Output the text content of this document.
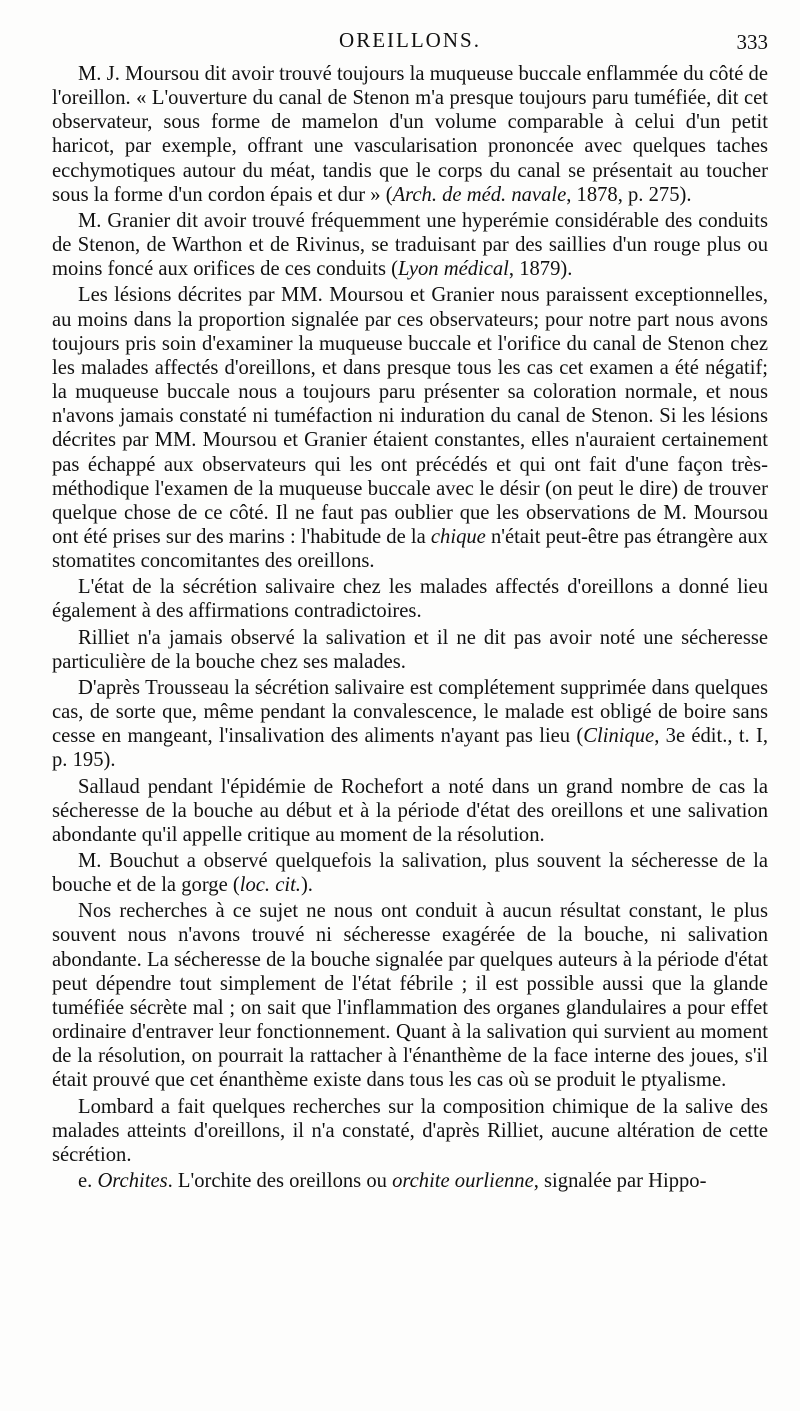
OREILLONS.	333

M. J. Moursou dit avoir trouvé toujours la muqueuse buccale enflammée du côté de l'oreillon. « L'ouverture du canal de Stenon m'a presque toujours paru tuméfiée, dit cet observateur, sous forme de mamelon d'un volume comparable à celui d'un petit haricot, par exemple, offrant une vascularisation prononcée avec quelques taches ecchymotiques autour du méat, tandis que le corps du canal se présentait au toucher sous la forme d'un cordon épais et dur » (Arch. de méd. navale, 1878, p. 275).

M. Granier dit avoir trouvé fréquemment une hyperémie considérable des conduits de Stenon, de Warthon et de Rivinus, se traduisant par des saillies d'un rouge plus ou moins foncé aux orifices de ces conduits (Lyon médical, 1879).

Les lésions décrites par MM. Moursou et Granier nous paraissent exceptionnelles, au moins dans la proportion signalée par ces observateurs; pour notre part nous avons toujours pris soin d'examiner la muqueuse buccale et l'orifice du canal de Stenon chez les malades affectés d'oreillons, et dans presque tous les cas cet examen a été négatif; la muqueuse buccale nous a toujours paru présenter sa coloration normale, et nous n'avons jamais constaté ni tuméfaction ni induration du canal de Stenon. Si les lésions décrites par MM. Moursou et Granier étaient constantes, elles n'auraient certainement pas échappé aux observateurs qui les ont précédés et qui ont fait d'une façon très-méthodique l'examen de la muqueuse buccale avec le désir (on peut le dire) de trouver quelque chose de ce côté. Il ne faut pas oublier que les observations de M. Moursou ont été prises sur des marins : l'habitude de la chique n'était peut-être pas étrangère aux stomatites concomitantes des oreillons.

L'état de la sécrétion salivaire chez les malades affectés d'oreillons a donné lieu également à des affirmations contradictoires.

Rilliet n'a jamais observé la salivation et il ne dit pas avoir noté une sécheresse particulière de la bouche chez ses malades.

D'après Trousseau la sécrétion salivaire est complétement supprimée dans quelques cas, de sorte que, même pendant la convalescence, le malade est obligé de boire sans cesse en mangeant, l'insalivation des aliments n'ayant pas lieu (Clinique, 3e édit., t. I, p. 195).

Sallaud pendant l'épidémie de Rochefort a noté dans un grand nombre de cas la sécheresse de la bouche au début et à la période d'état des oreillons et une salivation abondante qu'il appelle critique au moment de la résolution.

M. Bouchut a observé quelquefois la salivation, plus souvent la sécheresse de la bouche et de la gorge (loc. cit.).

Nos recherches à ce sujet ne nous ont conduit à aucun résultat constant, le plus souvent nous n'avons trouvé ni sécheresse exagérée de la bouche, ni salivation abondante. La sécheresse de la bouche signalée par quelques auteurs à la période d'état peut dépendre tout simplement de l'état fébrile ; il est possible aussi que la glande tuméfiée sécrète mal ; on sait que l'inflammation des organes glandulaires a pour effet ordinaire d'entraver leur fonctionnement. Quant à la salivation qui survient au moment de la résolution, on pourrait la rattacher à l'énanthème de la face interne des joues, s'il était prouvé que cet énanthème existe dans tous les cas où se produit le ptyalisme.

Lombard a fait quelques recherches sur la composition chimique de la salive des malades atteints d'oreillons, il n'a constaté, d'après Rilliet, aucune altération de cette sécrétion.

e. Orchites. L'orchite des oreillons ou orchite ourlienne, signalée par Hippo-
